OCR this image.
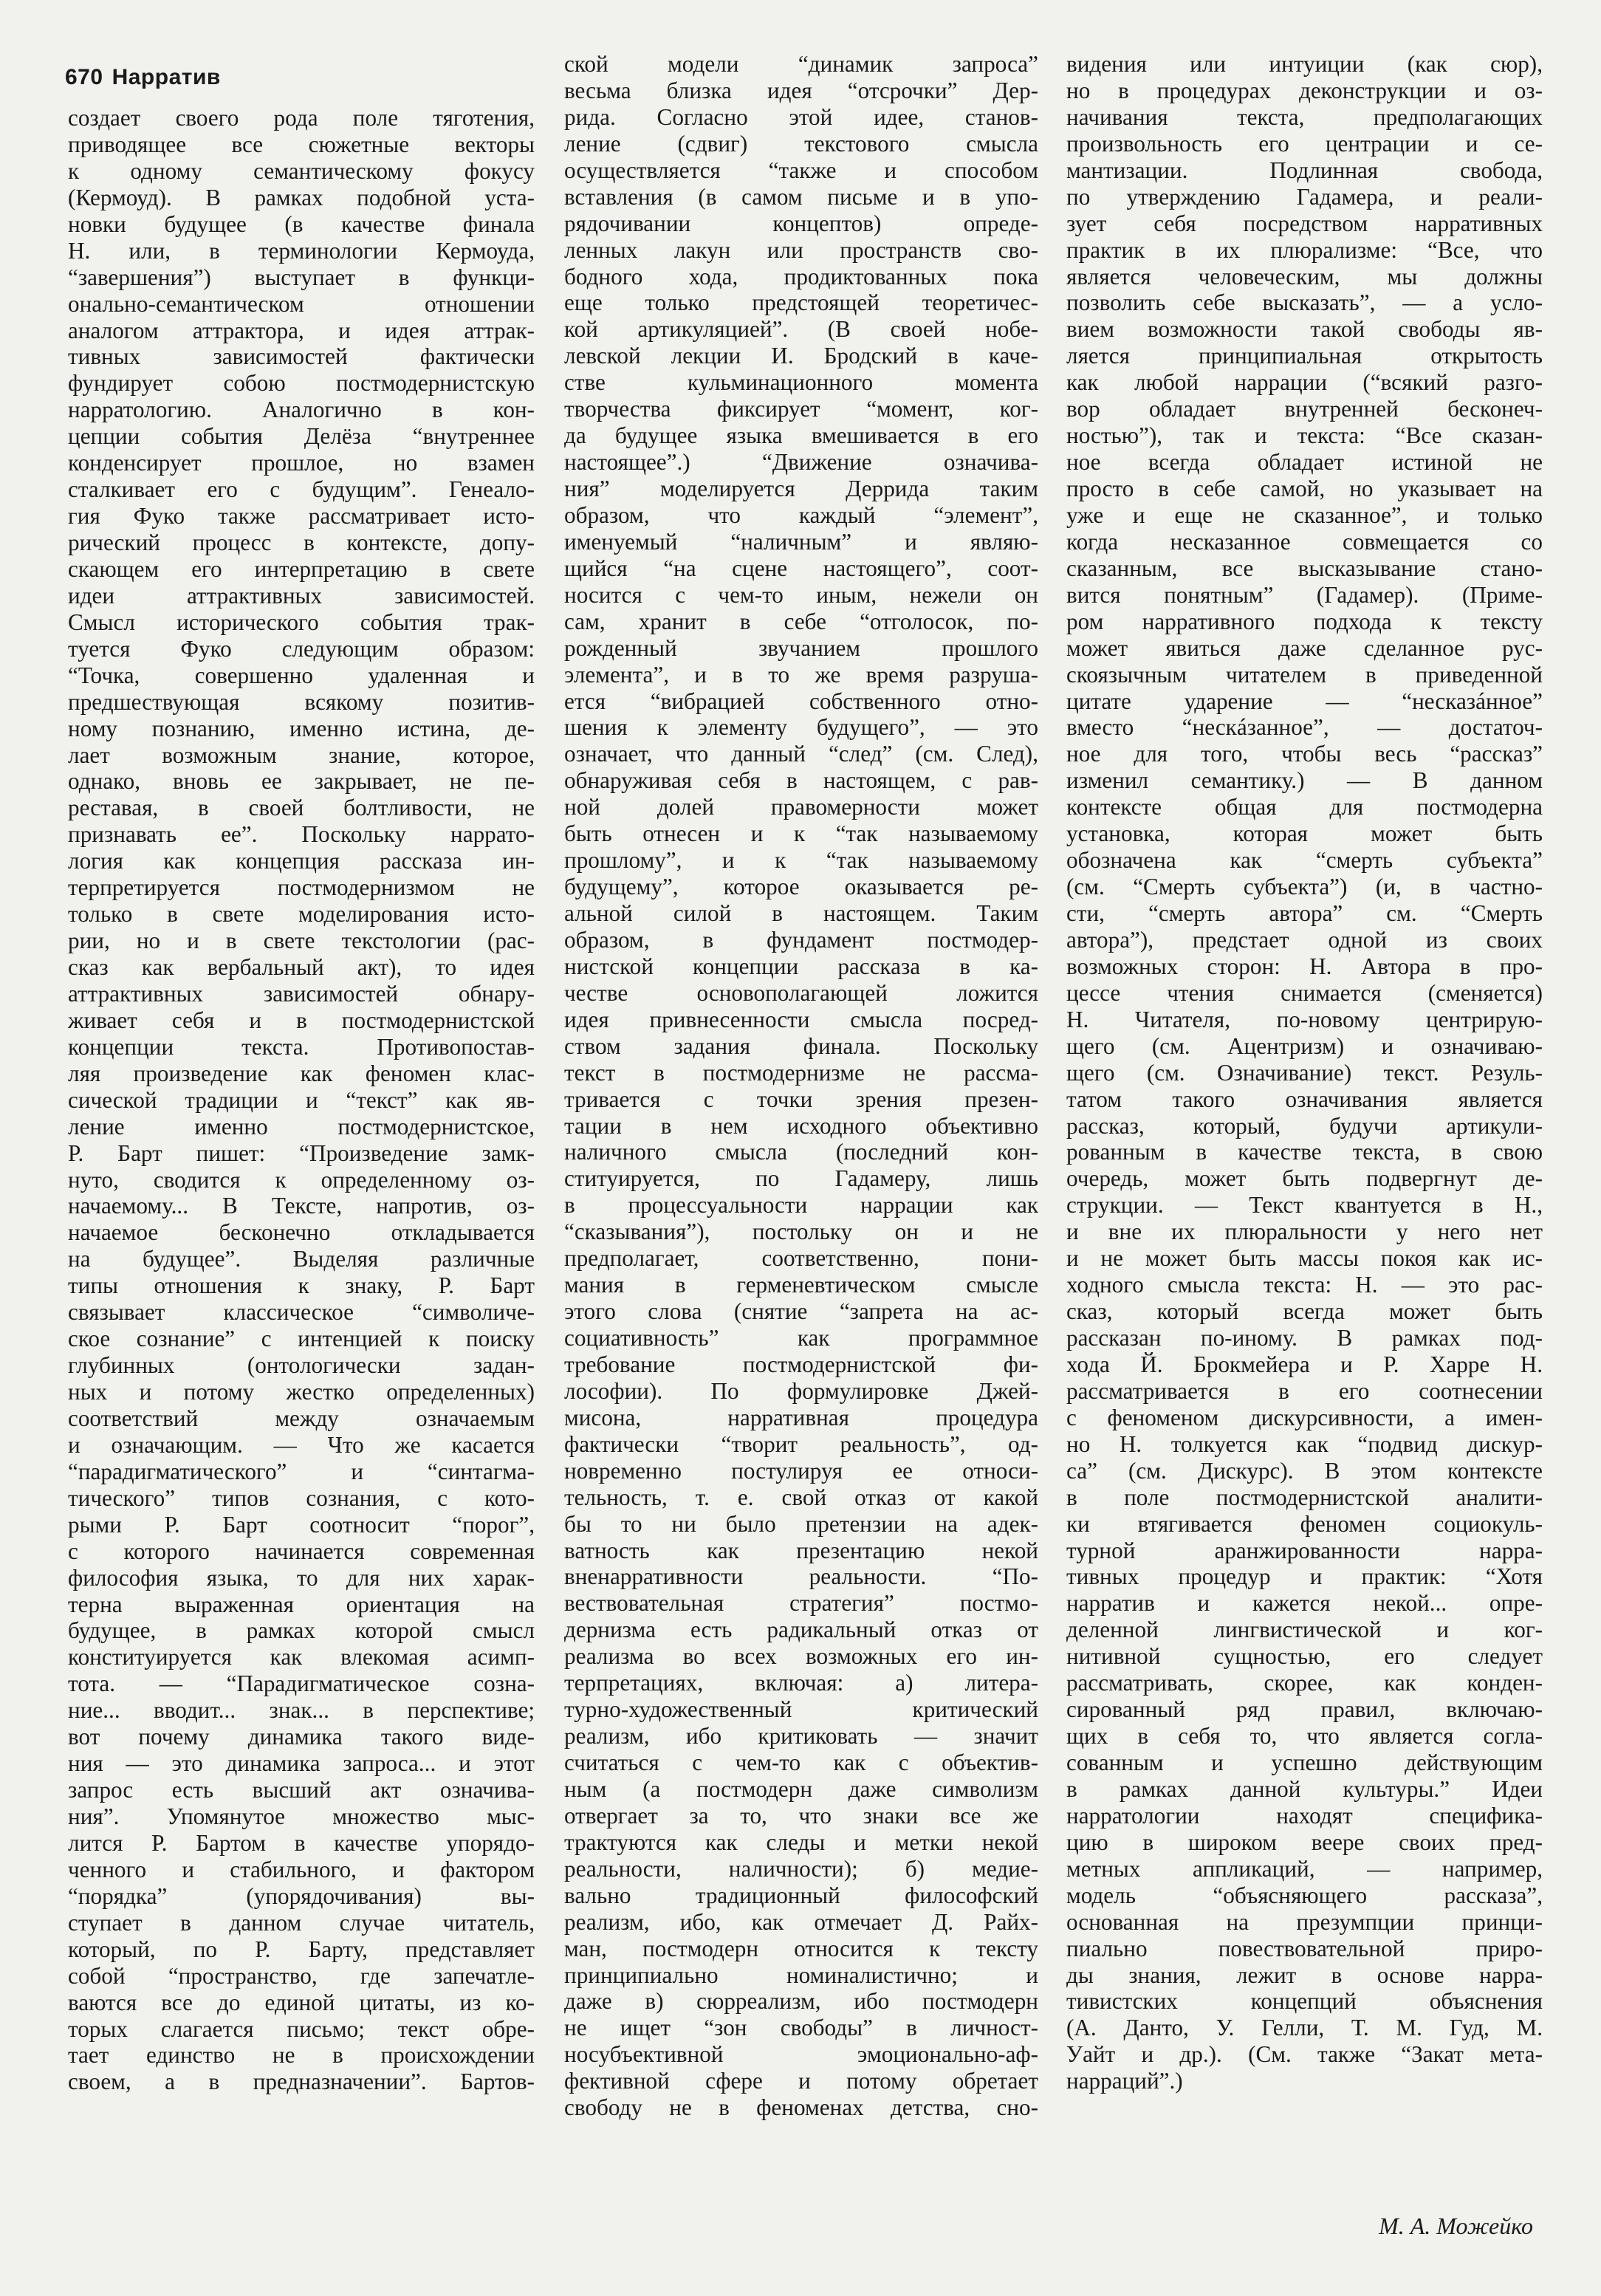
670 Нарратив
создает своего рода поле тяготения,
приводящее все сюжетные векторы
к одному семантическому фокусу
(Кермоуд). В рамках подобной уста-
новки будущее (в качестве финала
Н. или, в терминологии Кермоуда,
“завершения”) выступает в функци-
онально-семантическом отношении
аналогом аттрактора, и идея аттрак-
тивных зависимостей фактически
фундирует собою постмодернистскую
нарратологию. Аналогично в кон-
цепции события Делёза “внутреннее
конденсирует прошлое, но взамен
сталкивает его с будущим”. Генеало-
гия Фуко также рассматривает исто-
рический процесс в контексте, допу-
скающем его интерпретацию в свете
идеи аттрактивных зависимостей.
Смысл исторического события трак-
туется Фуко следующим образом:
“Точка, совершенно удаленная и
предшествующая всякому позитив-
ному познанию, именно истина, де-
лает возможным знание, которое,
однако, вновь ее закрывает, не пе-
реставая, в своей болтливости, не
признавать ее”. Поскольку наррато-
логия как концепция рассказа ин-
терпретируется постмодернизмом не
только в свете моделирования исто-
рии, но и в свете текстологии (рас-
сказ как вербальный акт), то идея
аттрактивных зависимостей обнару-
живает себя и в постмодернистской
концепции текста. Противопостав-
ляя произведение как феномен клас-
сической традиции и “текст” как яв-
ление именно постмодернистское,
Р. Барт пишет: “Произведение замк-
нуто, сводится к определенному оз-
начаемому... В Тексте, напротив, оз-
начаемое бесконечно откладывается
на будущее”. Выделяя различные
типы отношения к знаку, Р. Барт
связывает классическое “символиче-
ское сознание” с интенцией к поиску
глубинных (онтологически задан-
ных и потому жестко определенных)
соответствий между означаемым
и означающим. — Что же касается
“парадигматического” и “синтагма-
тического” типов сознания, с кото-
рыми Р. Барт соотносит “порог”,
с которого начинается современная
философия языка, то для них харак-
терна выраженная ориентация на
будущее, в рамках которой смысл
конституируется как влекомая асимп-
тота. — “Парадигматическое созна-
ние... вводит... знак... в перспективе;
вот почему динамика такого виде-
ния — это динамика запроса... и этот
запрос есть высший акт означива-
ния”. Упомянутое множество мыс-
лится Р. Бартом в качестве упорядо-
ченного и стабильного, и фактором
“порядка” (упорядочивания) вы-
ступает в данном случае читатель,
который, по Р. Барту, представляет
собой “пространство, где запечатле-
ваются все до единой цитаты, из ко-
торых слагается письмо; текст обре-
тает единство не в происхождении
своем, а в предназначении”. Бартов-
ской модели “динамик запроса”
весьма близка идея “отсрочки” Дер-
рида. Согласно этой идее, станов-
ление (сдвиг) текстового смысла
осуществляется “также и способом
вставления (в самом письме и в упо-
рядочивании концептов) опреде-
ленных лакун или пространств сво-
бодного хода, продиктованных пока
еще только предстоящей теоретичес-
кой артикуляцией”. (В своей нобе-
левской лекции И. Бродский в каче-
стве кульминационного момента
творчества фиксирует “момент, ког-
да будущее языка вмешивается в его
настоящее”.) “Движение означива-
ния” моделируется Деррида таким
образом, что каждый “элемент”,
именуемый “наличным” и являю-
щийся “на сцене настоящего”, соот-
носится с чем-то иным, нежели он
сам, хранит в себе “отголосок, по-
рожденный звучанием прошлого
элемента”, и в то же время разруша-
ется “вибрацией собственного отно-
шения к элементу будущего”, — это
означает, что данный “след” (см. След),
обнаруживая себя в настоящем, с рав-
ной долей правомерности может
быть отнесен и к “так называемому
прошлому”, и к “так называемому
будущему”, которое оказывается ре-
альной силой в настоящем. Таким
образом, в фундамент постмодер-
нистской концепции рассказа в ка-
честве основополагающей ложится
идея привнесенности смысла посред-
ством задания финала. Поскольку
текст в постмодернизме не рассма-
тривается с точки зрения презен-
тации в нем исходного объективно
наличного смысла (последний кон-
ституируется, по Гадамеру, лишь
в процессуальности наррации как
“сказывания”), постольку он и не
предполагает, соответственно, пони-
мания в герменевтическом смысле
этого слова (снятие “запрета на ас-
социативность” как программное
требование постмодернистской фи-
лософии). По формулировке Джей-
мисона, нарративная процедура
фактически “творит реальность”, од-
новременно постулируя ее относи-
тельность, т. е. свой отказ от какой
бы то ни было претензии на адек-
ватность как презентацию некой
вненарративности реальности. “По-
вествовательная стратегия” постмо-
дернизма есть радикальный отказ от
реализма во всех возможных его ин-
терпретациях, включая: а) литера-
турно-художественный критический
реализм, ибо критиковать — значит
считаться с чем-то как с объектив-
ным (а постмодерн даже символизм
отвергает за то, что знаки все же
трактуются как следы и метки некой
реальности, наличности); б) медие-
вально традиционный философский
реализм, ибо, как отмечает Д. Райх-
ман, постмодерн относится к тексту
принципиально номиналистично; и
даже в) сюрреализм, ибо постмодерн
не ищет “зон свободы” в личност-
носубъективной эмоционально-аф-
фективной сфере и потому обретает
свободу не в феноменах детства, сно-
видения или интуиции (как сюр),
но в процедурах деконструкции и оз-
начивания текста, предполагающих
произвольность его центрации и се-
мантизации. Подлинная свобода,
по утверждению Гадамера, и реали-
зует себя посредством нарративных
практик в их плюрализме: “Все, что
является человеческим, мы должны
позволить себе высказать”, — а усло-
вием возможности такой свободы яв-
ляется принципиальная открытость
как любой наррации (“всякий разго-
вор обладает внутренней бесконеч-
ностью”), так и текста: “Все сказан-
ное всегда обладает истиной не
просто в себе самой, но указывает на
уже и еще не сказанное”, и только
когда несказанное совмещается со
сказанным, все высказывание стано-
вится понятным” (Гадамер). (Приме-
ром нарративного подхода к тексту
может явиться даже сделанное рус-
скоязычным читателем в приведенной
цитате ударение — “несказáнное”
вместо “нескáзанное”, — достаточ-
ное для того, чтобы весь “рассказ”
изменил семантику.) — В данном
контексте общая для постмодерна
установка, которая может быть
обозначена как “смерть субъекта”
(см. “Смерть субъекта”) (и, в частно-
сти, “смерть автора” см. “Смерть
автора”), предстает одной из своих
возможных сторон: Н. Автора в про-
цессе чтения снимается (сменяется)
Н. Читателя, по-новому центрирую-
щего (см. Ацентризм) и означиваю-
щего (см. Означивание) текст. Резуль-
татом такого означивания является
рассказ, который, будучи артикули-
рованным в качестве текста, в свою
очередь, может быть подвергнут де-
струкции. — Текст квантуется в Н.,
и вне их плюральности у него нет
и не может быть массы покоя как ис-
ходного смысла текста: Н. — это рас-
сказ, который всегда может быть
рассказан по-иному. В рамках под-
хода Й. Брокмейера и Р. Харре Н.
рассматривается в его соотнесении
с феноменом дискурсивности, а имен-
но Н. толкуется как “подвид дискур-
са” (см. Дискурс). В этом контексте
в поле постмодернистской аналити-
ки втягивается феномен социокуль-
турной аранжированности нарра-
тивных процедур и практик: “Хотя
нарратив и кажется некой... опре-
деленной лингвистической и ког-
нитивной сущностью, его следует
рассматривать, скорее, как конден-
сированный ряд правил, включаю-
щих в себя то, что является согла-
сованным и успешно действующим
в рамках данной культуры.” Идеи
нарратологии находят специфика-
цию в широком веере своих пред-
метных аппликаций, — например,
модель “объясняющего рассказа”,
основанная на презумпции принци-
пиально повествовательной приро-
ды знания, лежит в основе нарра-
тивистских концепций объяснения
(А. Данто, У. Гелли, Т. М. Гуд, М.
Уайт и др.). (См. также “Закат мета-
нарраций”.)
М. А. Можейко
